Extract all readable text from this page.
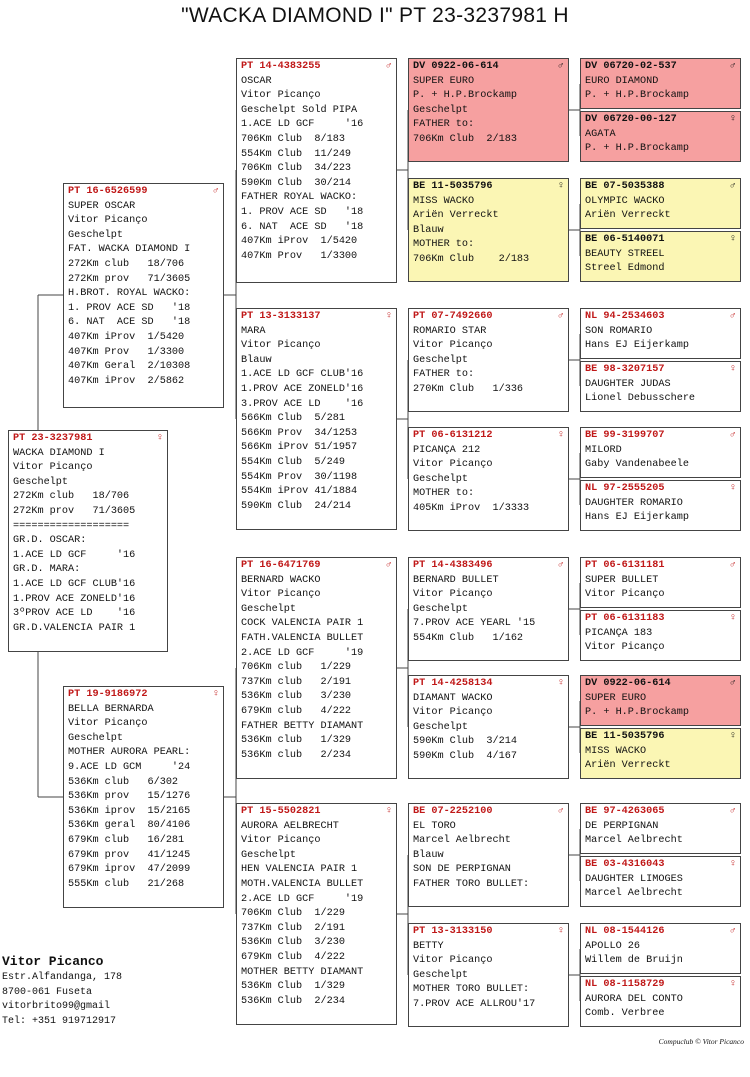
"WACKA DIAMOND I" PT 23-3237981 H
PT 23-3237981	♀
WACKA DIAMOND I
Vitor Picanço
Geschelpt
272Km club   18/706
272Km prov   71/3605
===================
GR.D. OSCAR:
1.ACE LD GCF     '16
GR.D. MARA:
1.ACE LD GCF CLUB'16
1.PROV ACE ZONELD'16
3ºPROV ACE LD    '16
GR.D.VALENCIA PAIR 1
PT 16-6526599	♂
SUPER OSCAR
Vitor Picanço
Geschelpt
FAT. WACKA DIAMOND I
272Km club   18/706
272Km prov   71/3605
H.BROT. ROYAL WACKO:
1. PROV ACE SD   '18
6. NAT  ACE SD   '18
407Km iProv  1/5420
407Km Prov   1/3300
407Km Geral  2/10308
407Km iProv  2/5862
PT 19-9186972	♀
BELLA BERNARDA
Vitor Picanço
Geschelpt
MOTHER AURORA PEARL:
9.ACE LD GCM     '24
536Km club   6/302
536Km prov   15/1276
536Km iprov  15/2165
536Km geral  80/4106
679Km club   16/281
679Km prov   41/1245
679Km iprov  47/2099
555Km club   21/268
PT 14-4383255	♂
OSCAR
Vitor Picanço
Geschelpt Sold PIPA
1.ACE LD GCF     '16
706Km Club  8/183
554Km Club  11/249
706Km Club  34/223
590Km Club  30/214
FATHER ROYAL WACKO:
1. PROV ACE SD   '18
6. NAT  ACE SD   '18
407Km iProv  1/5420
407Km Prov   1/3300
PT 13-3133137	♀
MARA
Vitor Picanço
Blauw
1.ACE LD GCF CLUB'16
1.PROV ACE ZONELD'16
3.PROV ACE LD    '16
566Km Club  5/281
566Km Prov  34/1253
566Km iProv 51/1957
554Km Club  5/249
554Km Prov  30/1198
554Km iProv 41/1884
590Km Club  24/214
PT 16-6471769	♂
BERNARD WACKO
Vitor Picanço
Geschelpt
COCK VALENCIA PAIR 1
FATH.VALENCIA BULLET
2.ACE LD GCF     '19
706Km club   1/229
737Km club   2/191
536Km club   3/230
679Km club   4/222
FATHER BETTY DIAMANT
536Km club   1/329
536Km club   2/234
PT 15-5502821	♀
AURORA AELBRECHT
Vitor Picanço
Geschelpt
HEN VALENCIA PAIR 1
MOTH.VALENCIA BULLET
2.ACE LD GCF     '19
706Km Club  1/229
737Km Club  2/191
536Km Club  3/230
679Km Club  4/222
MOTHER BETTY DIAMANT
536Km Club  1/329
536Km Club  2/234
DV 0922-06-614	♂
SUPER EURO
P. + H.P.Brockamp
Geschelpt
FATHER to:
706Km Club  2/183
BE 11-5035796	♀
MISS WACKO
Ariën Verreckt
Blauw
MOTHER to:
706Km Club    2/183
PT 07-7492660	♂
ROMARIO STAR
Vitor Picanço
Geschelpt
FATHER to:
270Km Club   1/336
PT 06-6131212	♀
PICANÇA 212
Vitor Picanço
Geschelpt
MOTHER to:
405Km iProv  1/3333
PT 14-4383496	♂
BERNARD BULLET
Vitor Picanço
Geschelpt
7.PROV ACE YEARL '15
554Km Club   1/162
PT 14-4258134	♀
DIAMANT WACKO
Vitor Picanço
Geschelpt
590Km Club  3/214
590Km Club  4/167
BE 07-2252100	♂
EL TORO
Marcel Aelbrecht
Blauw
SON DE PERPIGNAN
FATHER TORO BULLET:
PT 13-3133150	♀
BETTY
Vitor Picanço
Geschelpt
MOTHER TORO BULLET:
7.PROV ACE ALLROU'17
DV 06720-02-537	♂
EURO DIAMOND
P. + H.P.Brockamp
DV 06720-00-127	♀
AGATA
P. + H.P.Brockamp
BE 07-5035388	♂
OLYMPIC WACKO
Ariën Verreckt
BE 06-5140071	♀
BEAUTY STREEL
Streel Edmond
NL 94-2534603	♂
SON ROMARIO
Hans EJ Eijerkamp
BE 98-3207157	♀
DAUGHTER JUDAS
Lionel Debusschere
BE 99-3199707	♂
MILORD
Gaby Vandenabeele
NL 97-2555205	♀
DAUGHTER ROMARIO
Hans EJ Eijerkamp
PT 06-6131181	♂
SUPER BULLET
Vitor Picanço
PT 06-6131183	♀
PICANÇA 183
Vitor Picanço
DV 0922-06-614	♂
SUPER EURO
P. + H.P.Brockamp
BE 11-5035796	♀
MISS WACKO
Ariën Verreckt
BE 97-4263065	♂
DE PERPIGNAN
Marcel Aelbrecht
BE 03-4316043	♀
DAUGHTER LIMOGES
Marcel Aelbrecht
NL 08-1544126	♂
APOLLO 26
Willem de Bruijn
NL 08-1158729	♀
AURORA DEL CONTO
Comb. Verbree
Vitor Picanco
Estr.Alfandanga, 178
8700-061 Fuseta
vitorbrito99@gmail
Tel: +351 919712917
Compuclub © Vitor Picanco
